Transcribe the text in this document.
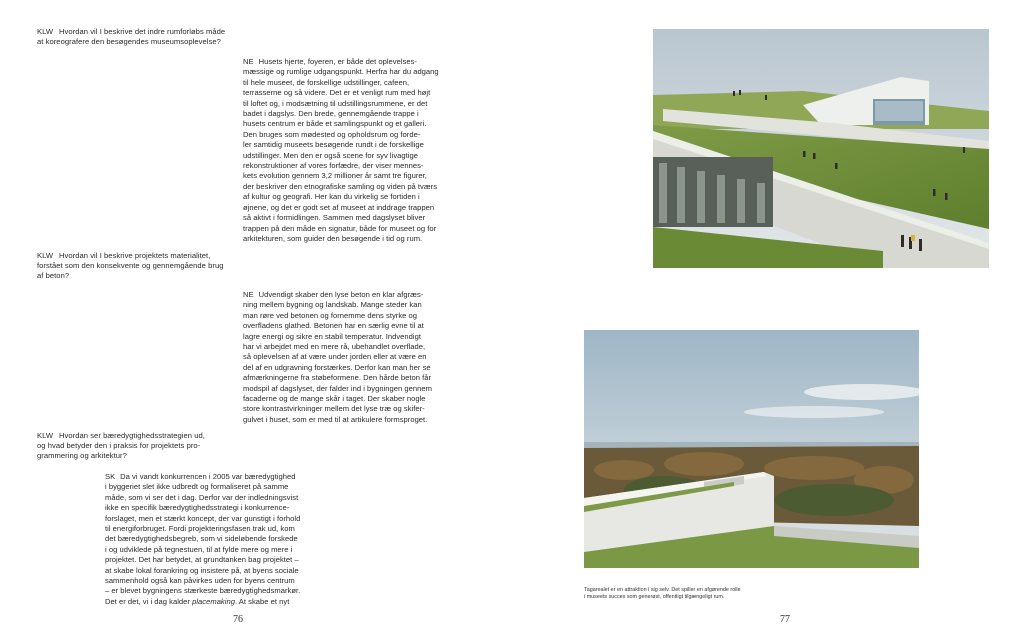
KLW Hvordan vil I beskrive det indre rumforløbs måde
at koreografere den besøgendes museumsoplevelse?
NE Husets hjerte, foyeren, er både det oplevelses-
mæssige og rumlige udgangspunkt. Herfra har du adgang
til hele museet, de forskellige udstillinger, cafeen,
terrasserne og så videre. Det er et venligt rum med højt
til loftet og, i modsætning til udstillingsrummene, er det
badet i dagslys. Den brede, gennemgående trappe i
husets centrum er både et samlingspunkt og et galleri.
Den bruges som mødested og opholdsrum og forde-
ler samtidig museets besøgende rundt i de forskellige
udstillinger. Men den er også scene for syv livagtige
rekonstruktioner af vores forfædre, der viser mennes-
kets evolution gennem 3,2 millioner år samt tre figurer,
der beskriver den etnografiske samling og viden på tværs
af kultur og geografi. Her kan du virkelig se fortiden i
øjnene, og det er godt set af museet at inddrage trappen
så aktivt i formidlingen. Sammen med dagslyset bliver
trappen på den måde en signatur, både for museet og for
arkitekturen, som guider den besøgende i tid og rum.
KLW Hvordan vil I beskrive projektets materialitet,
forstået som den konsekvente og gennemgående brug
af beton?
NE Udvendigt skaber den lyse beton en klar afgræs-
ning mellem bygning og landskab. Mange steder kan
man røre ved betonen og fornemme dens styrke og
overfladens glathed. Betonen har en særlig evne til at
lagre energi og sikre en stabil temperatur. Indvendigt
har vi arbejdet med en mere rå, ubehandlet overflade,
så oplevelsen af at være under jorden eller at være en
del af en udgravning forstærkes. Derfor kan man her se
afmærkningerne fra støbeformene. Den hårde beton får
modspil af dagslyset, der falder ind i bygningen gennem
facaderne og de mange skår i taget. Der skaber nogle
store kontrastvirkninger mellem det lyse træ og skifer-
gulvet i huset, som er med til at artikulere formsproget.
KLW Hvordan ser bæredygtighedsstrategien ud,
og hvad betyder den i praksis for projektets pro-
grammering og arkitektur?
SK Da vi vandt konkurrencen i 2005 var bæredygtighed
i byggeriet slet ikke udbredt og formaliseret på samme
måde, som vi ser det i dag. Derfor var der indledningsvist
ikke en specifik bæredygtighedsstrategi i konkurrence-
forslaget, men et stærkt koncept, der var gunstigt i forhold
til energiforbruget. Fordi projekteringsfasen trak ud, kom
det bæredygtighedsbegreb, som vi sideløbende forskede
i og udviklede på tegnestuen, til at fylde mere og mere i
projektet. Det har betydet, at grundtanken bag projektet –
at skabe lokal forankring og insistere på, at byens sociale
sammenhold også kan påvirkes uden for byens centrum
– er blevet bygningens stærkeste bæredygtighedsmarkør.
Det er det, vi i dag kalder placemaking. At skabe et nyt
76
Tagarealet er en attraktion i sig selv. Det spiller en afgørende rolle
i museets succes som generøst, offentligt tilgængeligt rum.
77
